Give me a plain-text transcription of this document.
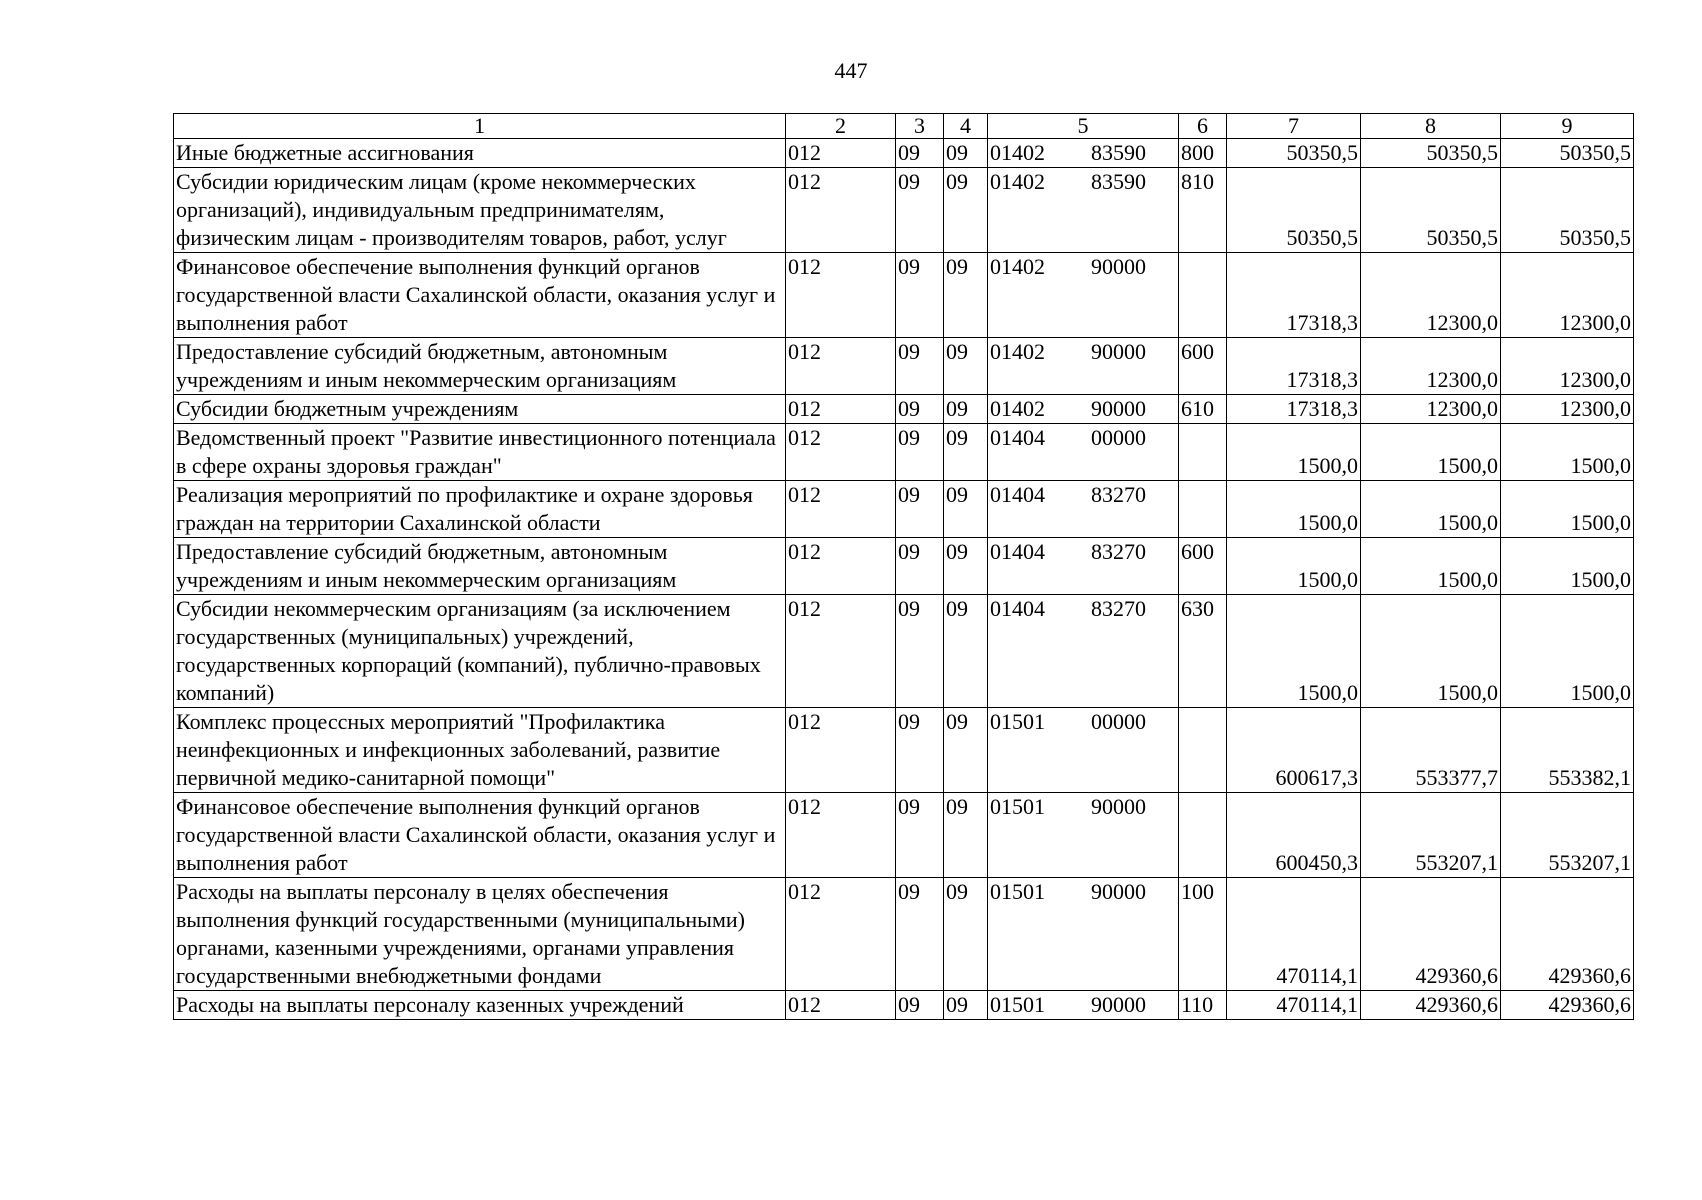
447
1	2	3	4	5	6	7	8	9
Иные бюджетные ассигнования	012	09	09	01402 83590	800	50350,5	50350,5	50350,5
Субсидии юридическим лицам (кроме некоммерческих организаций), индивидуальным предпринимателям, физическим лицам - производителям товаров, работ, услуг	012	09	09	01402 83590	810	50350,5	50350,5	50350,5
Финансовое обеспечение выполнения функций органов государственной власти Сахалинской области, оказания услуг и выполнения работ	012	09	09	01402 90000		17318,3	12300,0	12300,0
Предоставление субсидий бюджетным, автономным учреждениям и иным некоммерческим организациям	012	09	09	01402 90000	600	17318,3	12300,0	12300,0
Субсидии бюджетным учреждениям	012	09	09	01402 90000	610	17318,3	12300,0	12300,0
Ведомственный проект "Развитие инвестиционного потенциала в сфере охраны здоровья граждан"	012	09	09	01404 00000		1500,0	1500,0	1500,0
Реализация мероприятий по профилактике и охране здоровья граждан на территории Сахалинской области	012	09	09	01404 83270		1500,0	1500,0	1500,0
Предоставление субсидий бюджетным, автономным учреждениям и иным некоммерческим организациям	012	09	09	01404 83270	600	1500,0	1500,0	1500,0
Субсидии некоммерческим организациям (за исключением государственных (муниципальных) учреждений, государственных корпораций (компаний), публично-правовых компаний)	012	09	09	01404 83270	630	1500,0	1500,0	1500,0
Комплекс процессных мероприятий "Профилактика неинфекционных и инфекционных заболеваний, развитие первичной медико-санитарной помощи"	012	09	09	01501 00000		600617,3	553377,7	553382,1
Финансовое обеспечение выполнения функций органов государственной власти Сахалинской области, оказания услуг и выполнения работ	012	09	09	01501 90000		600450,3	553207,1	553207,1
Расходы на выплаты персоналу в целях обеспечения выполнения функций государственными (муниципальными) органами, казенными учреждениями, органами управления государственными внебюджетными фондами	012	09	09	01501 90000	100	470114,1	429360,6	429360,6
Расходы на выплаты персоналу казенных учреждений	012	09	09	01501 90000	110	470114,1	429360,6	429360,6
